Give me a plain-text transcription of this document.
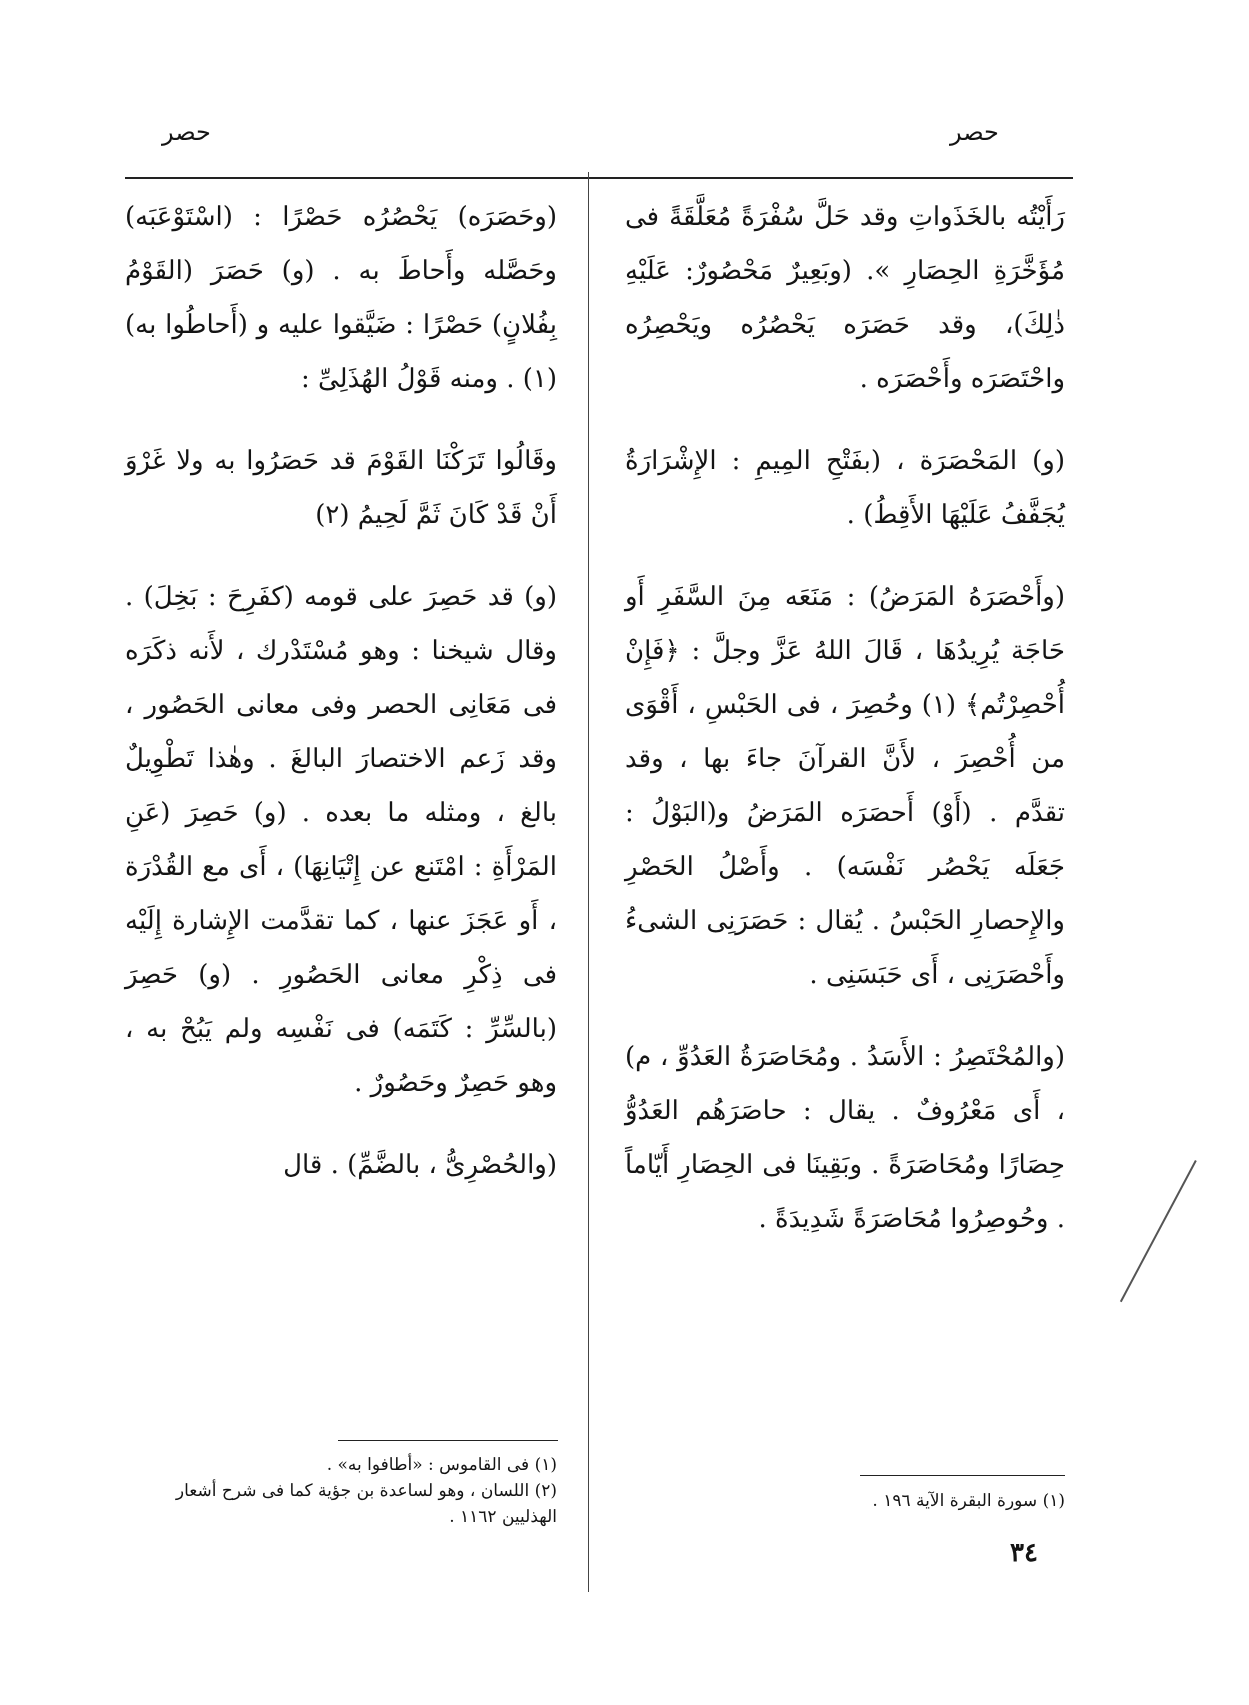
حصر
حصر

رَأَيْتُه بالخَذَواتِ وقد حَلَّ سُفْرَةً مُعَلَّقَةً فى مُؤَخَّرَةِ الحِصَارِ ». (وبَعِيرٌ مَحْصُورٌ: عَلَيْهِ ذٰلِكَ)، وقد حَصَرَه يَحْصُرُه ويَحْصِرُه واحْتَصَرَه وأَحْصَرَه .

(و) المَحْصَرَة ، (بفَتْحِ المِيمِ : الإِشْرَارَةُ يُجَفَّفُ عَلَيْهَا الأَقِطُ) .

(وأَحْصَرَهُ المَرَضُ) : مَنَعَه مِنَ السَّفَرِ أَو حَاجَة يُرِيدُهَا ، قَالَ اللهُ عَزَّ وجلَّ : ﴿فَإِنْ أُحْصِرْتُم﴾ (١) وحُصِرَ ، فى الحَبْسِ ، أَقْوَى من أُحْصِرَ ، لأَنَّ القرآنَ جاءَ بها ، وقد تقدَّم . (أَوْ) أَحصَرَه المَرَضُ و(البَوْلُ : جَعَلَه يَحْصُر نَفْسَه) . وأَصْلُ الحَصْرِ والإِحصارِ الحَبْسُ . يُقال : حَصَرَنِى الشىءُ وأَحْصَرَنِى ، أَى حَبَسَنِى .

(والمُحْتَصِرُ : الأَسَدُ . ومُحَاصَرَةُ العَدُوِّ ، م) ، أَى مَعْرُوفٌ . يقال : حاصَرَهُم العَدُوُّ حِصَارًا ومُحَاصَرَةً . وبَقِينَا فى الحِصَارِ أَيّاماً . وحُوصِرُوا مُحَاصَرَةً شَدِيدَةً .

(وحَصَرَه) يَحْصُرُه حَصْرًا : (اسْتَوْعَبَه) وحَصَّله وأَحاطَ به . (و) حَصَرَ (القَوْمُ بِفُلانٍ) حَصْرًا : ضَيَّقوا عليه و (أَحاطُوا به) (١) . ومنه قَوْلُ الهُذَلِىِّ :

وقَالُوا تَرَكْنَا القَوْمَ قد حَصَرُوا به ولا غَرْوَ أَنْ قَدْ كَانَ ثَمَّ لَحِيمُ (٢)

(و) قد حَصِرَ على قومه (كفَرِحَ : بَخِلَ) . وقال شيخنا : وهو مُسْتَدْرك ، لأَنه ذكَرَه فى مَعَانِى الحصر وفى معانى الحَصُور ، وقد زَعم الاختصارَ البالغَ . وهٰذا تَطْوِيلٌ بالغ ، ومثله ما بعده . (و) حَصِرَ (عَنِ المَرْأَةِ : امْتَنع عن إِتْيَانِهَا) ، أَى مع القُدْرَة ، أَو عَجَزَ عنها ، كما تقدَّمت الإِشارة إِلَيْه فى ذِكْرِ معانى الحَصُورِ . (و) حَصِرَ (بالسِّرِّ : كَتَمَه) فى نَفْسِه ولم يَبُحْ به ، وهو حَصِرٌ وحَصُورٌ .

(والحُصْرِىُّ ، بالضَّمِّ) . قال

(١) سورة البقرة الآية ١٩٦ .
(١) فى القاموس : «أطافوا به» .
(٢) اللسان ، وهو لساعدة بن جؤية كما فى شرح أشعار الهذليين ١١٦٢ .
٣٤
